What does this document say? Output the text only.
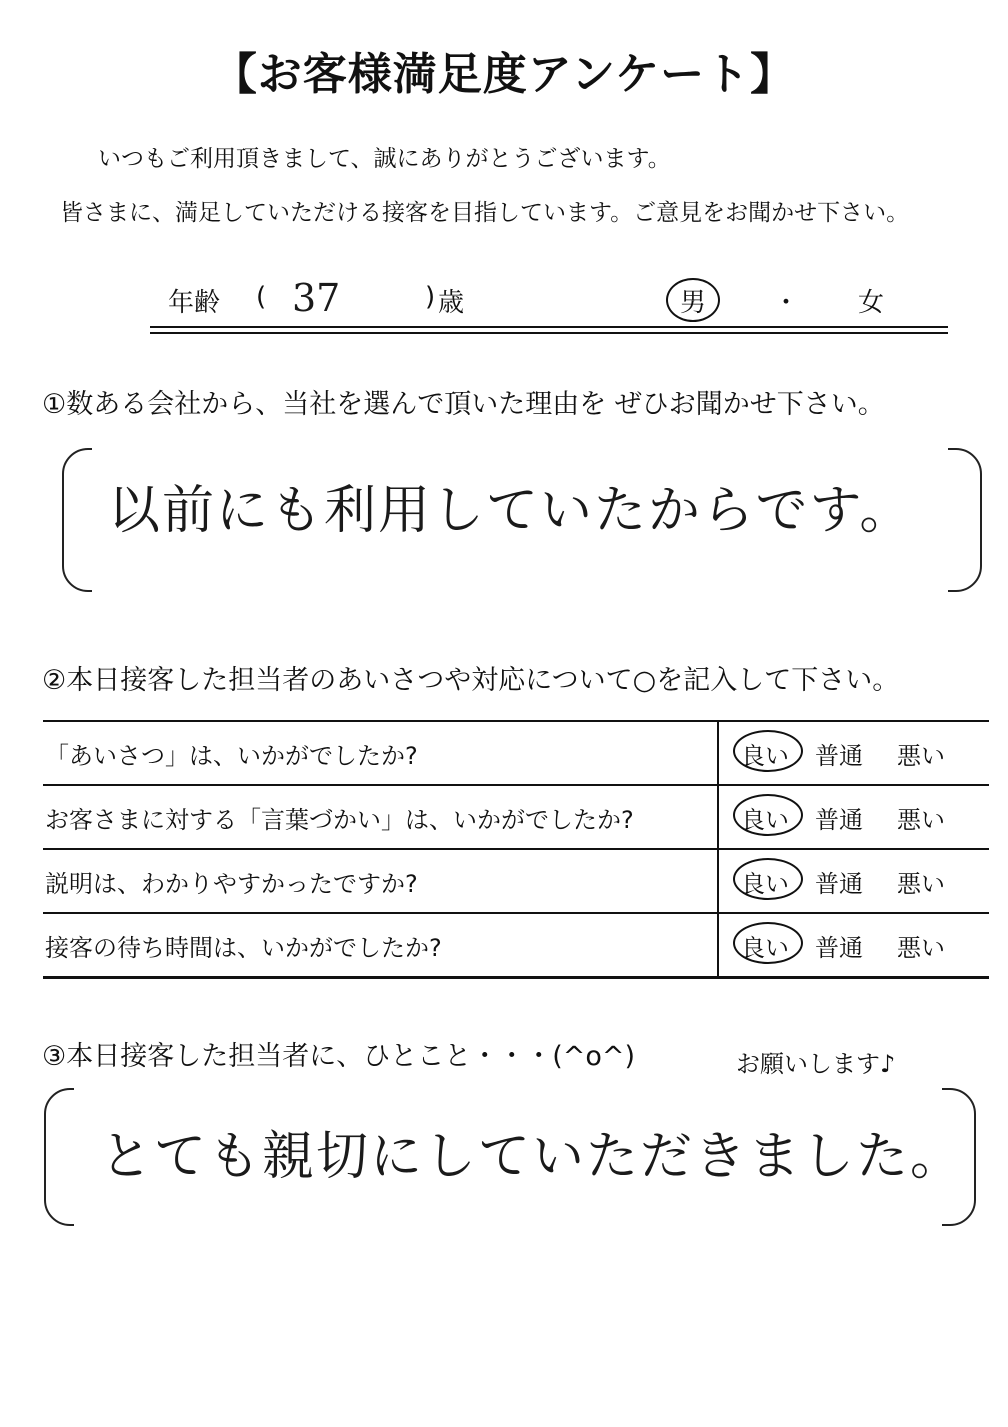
【お客様満足度アンケート】
いつもご利用頂きまして、誠にありがとうございます。
皆さまに、満足していただける接客を目指しています。ご意見をお聞かせ下さい。
年齢 ( 37	) 歳	男	・ 女
①数ある会社から、当社を選んで頂いた理由を ぜひお聞かせ下さい。
以前にも利用していたからです。
②本日接客した担当者のあいさつや対応について○を記入して下さい。
「あいさつ」は、いかがでしたか?	良い 普通 悪い
お客さまに対する「言葉づかい」は、いかがでしたか?	良い 普通 悪い
説明は、わかりやすかったですか?	良い 普通 悪い
接客の待ち時間は、いかがでしたか?	良い 普通 悪い
③本日接客した担当者に、ひとこと・・・(^o^)	お願いします♪
とても親切にしていただきました。
